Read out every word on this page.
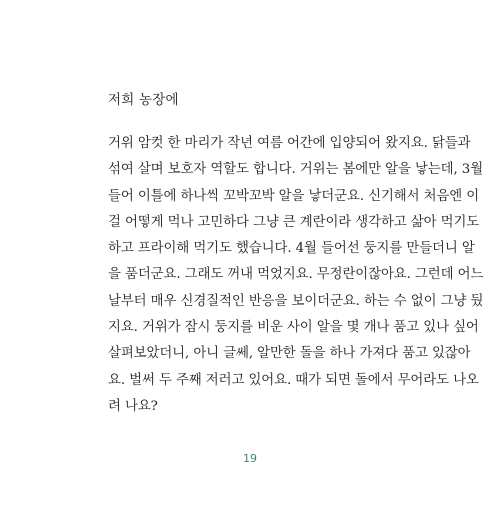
저희 농장에
거위 암컷 한 마리가 작년 여름 어간에 입양되어 왔지요. 닭들과
섞여 살며 보호자 역할도 합니다. 거위는 봄에만 알을 낳는데, 3월
들어 이틀에 하나씩 꼬박꼬박 알을 낳더군요. 신기해서 처음엔 이
걸 어떻게 먹나 고민하다 그냥 큰 계란이라 생각하고 삶아 먹기도
하고 프라이해 먹기도 했습니다. 4월 들어선 둥지를 만들더니 알
을 품더군요. 그래도 꺼내 먹었지요. 무정란이잖아요. 그런데 어느
날부터 매우 신경질적인 반응을 보이더군요. 하는 수 없이 그냥 뒀
지요. 거위가 잠시 둥지를 비운 사이 알을 몇 개나 품고 있나 싶어
살펴보았더니, 아니 글쎄, 알만한 돌을 하나 가져다 품고 있잖아
요. 벌써 두 주째 저러고 있어요. 때가 되면 돌에서 무어라도 나오
려 나요?
19
